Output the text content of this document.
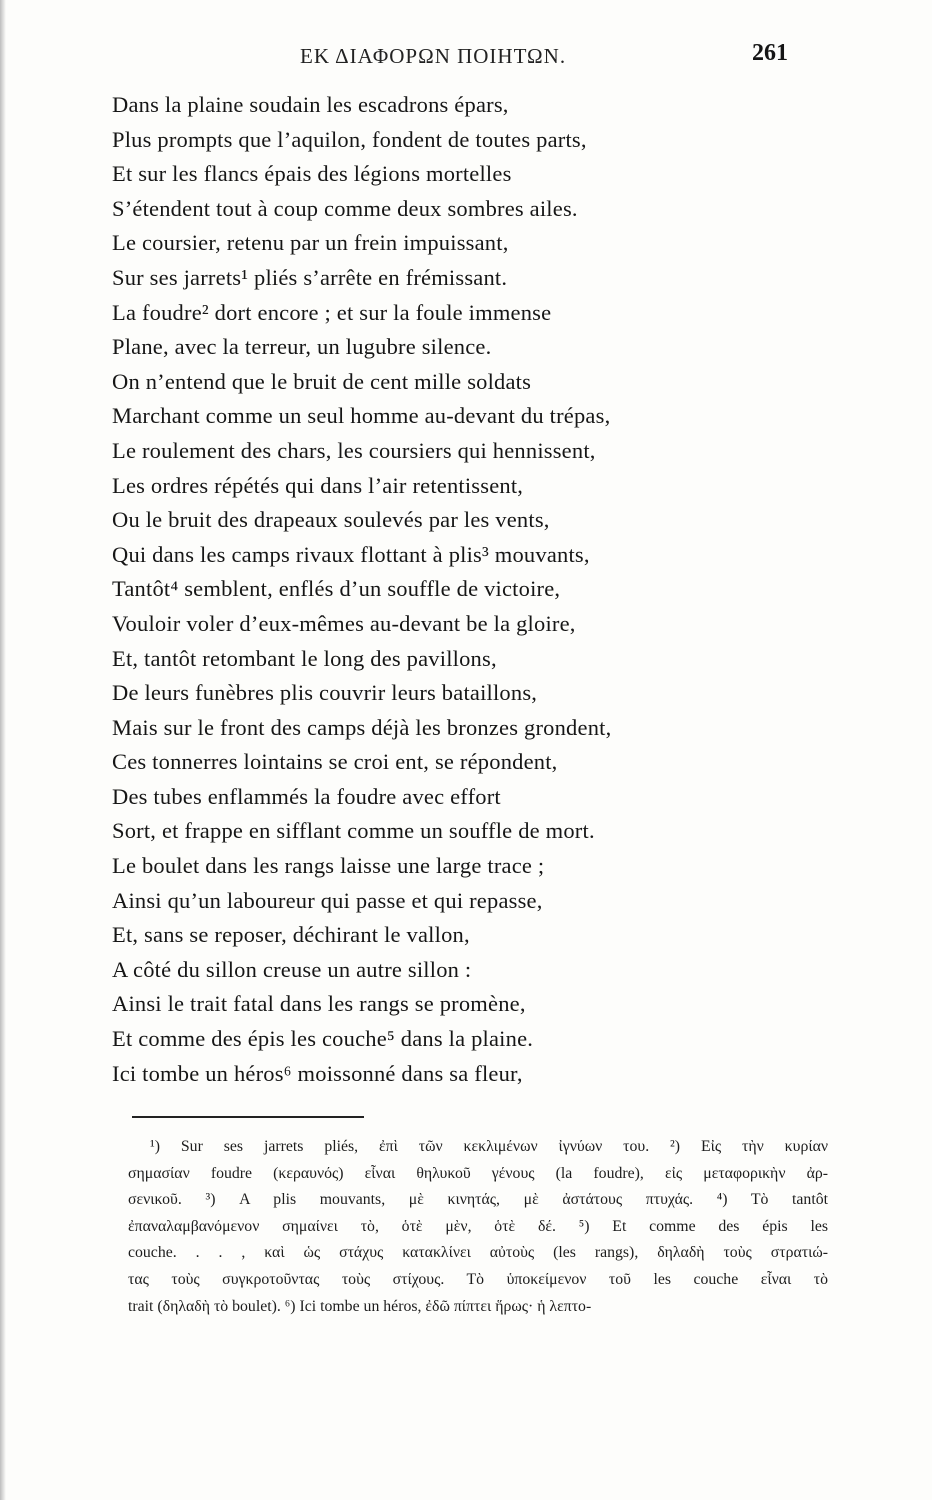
ΕΚ ΔΙΑΦΟΡΩΝ ΠΟΙΗΤΩΝ.	261
Dans la plaine soudain les escadrons épars,
Plus prompts que l’aquilon, fondent de toutes parts,
Et sur les flancs épais des légions mortelles
S’étendent tout à coup comme deux sombres ailes.
Le coursier, retenu par un frein impuissant,
Sur ses jarrets¹ pliés s’arrête en frémissant.
La foudre² dort encore ; et sur la foule immense
Plane, avec la terreur, un lugubre silence.
On n’entend que le bruit de cent mille soldats
Marchant comme un seul homme au-devant du trépas,
Le roulement des chars, les coursiers qui hennissent,
Les ordres répétés qui dans l’air retentissent,
Ou le bruit des drapeaux soulevés par les vents,
Qui dans les camps rivaux flottant à plis³ mouvants,
Tantôt⁴ semblent, enflés d’un souffle de victoire,
Vouloir voler d’eux-mêmes au-devant be la gloire,
Et, tantôt retombant le long des pavillons,
De leurs funèbres plis couvrir leurs bataillons,
Mais sur le front des camps déjà les bronzes grondent,
Ces tonnerres lointains se croi ent, se répondent,
Des tubes enflammés la foudre avec effort
Sort, et frappe en sifflant comme un souffle de mort.
Le boulet dans les rangs laisse une large trace ;
Ainsi qu’un laboureur qui passe et qui repasse,
Et, sans se reposer, déchirant le vallon,
A côté du sillon creuse un autre sillon :
Ainsi le trait fatal dans les rangs se promène,
Et comme des épis les couche⁵ dans la plaine.
Ici tombe un héros⁶ moissonné dans sa fleur,
¹) Sur ses jarrets pliés, ἐπὶ τῶν κεκλιμένων ἰγνύων του. ²) Εἰς τὴν κυρίαν
σημασίαν foudre (κεραυνός) εἶναι θηλυκοῦ γένους (la foudre), εἰς μεταφορικὴν ἀρ-
σενικοῦ. ³) A plis mouvants, μὲ κινητάς, μὲ ἀστάτους πτυχάς. ⁴) Τὸ tantôt
ἐπαναλαμβανόμενον σημαίνει τὸ, ὁτὲ μὲν, ὁτὲ δέ. ⁵) Et comme des épis les
couche. . . , καὶ ὡς στάχυς κατακλίνει αὐτοὺς (les rangs), δηλαδὴ τοὺς στρατιώ-
τας τοὺς συγκροτοῦντας τοὺς στίχους. Τὸ ὑποκείμενον τοῦ les couche εἶναι τὸ
trait (δηλαδὴ τὸ boulet). ⁶) Ici tombe un héros, ἐδῶ πίπτει ἥρως· ἡ λεπτο-
